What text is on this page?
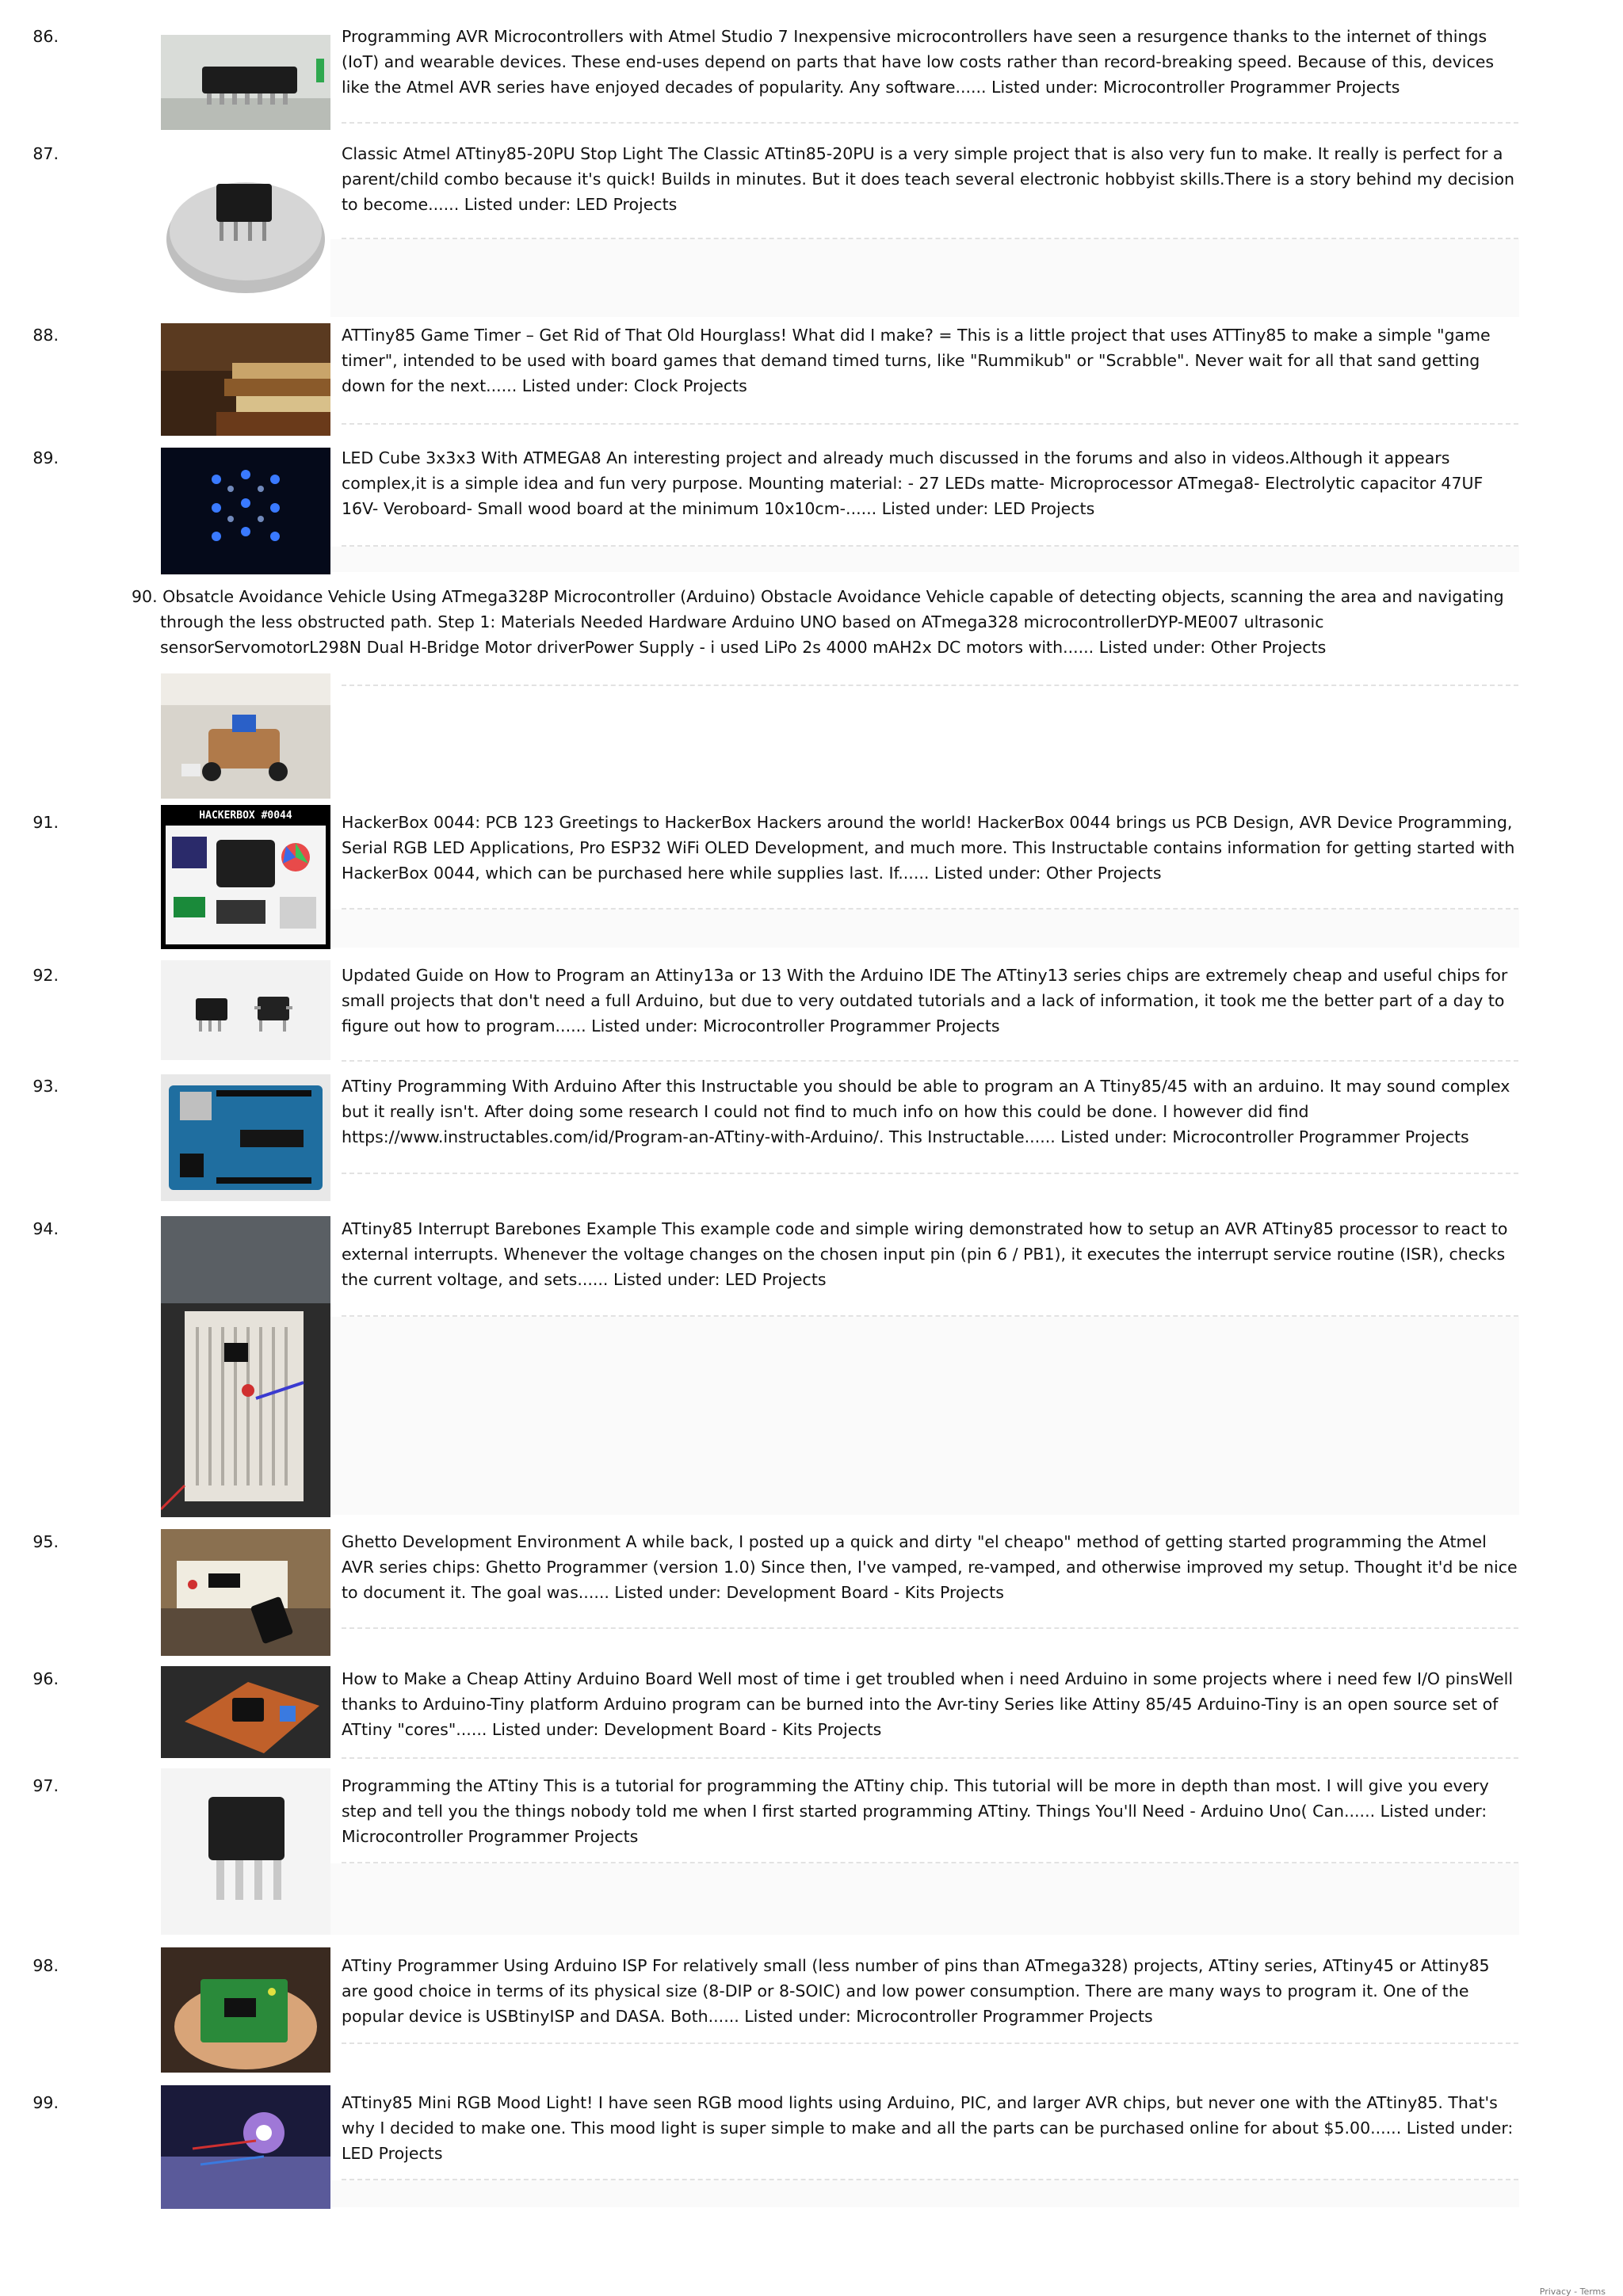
86.	Programming AVR Microcontrollers with Atmel Studio 7 Inexpensive microcontrollers have seen a resurgence thanks to the internet of things (IoT) and wearable devices. These end-uses depend on parts that have low costs rather than record-breaking speed. Because of this, devices like the Atmel AVR series have enjoyed decades of popularity. Any software...... Listed under: Microcontroller Programmer Projects
87.	Classic Atmel ATtiny85-20PU Stop Light The Classic ATtin85-20PU is a very simple project that is also very fun to make. It really is perfect for a parent/child combo because it's quick! Builds in minutes. But it does teach several electronic hobbyist skills.There is a story behind my decision to become...... Listed under: LED Projects
88.	ATTiny85 Game Timer – Get Rid of That Old Hourglass! What did I make? = This is a little project that uses ATTiny85 to make a simple "game timer", intended to be used with board games that demand timed turns, like "Rummikub" or "Scrabble". Never wait for all that sand getting down for the next...... Listed under: Clock Projects
89.	LED Cube 3x3x3 With ATMEGA8 An interesting project and already much discussed in the forums and also in videos.Although it appears complex,it is a simple idea and fun very purpose. Mounting material: - 27 LEDs matte- Microprocessor ATmega8- Electrolytic capacitor 47UF 16V- Veroboard- Small wood board at the minimum 10x10cm-...... Listed under: LED Projects
90. Obsatcle Avoidance Vehicle Using ATmega328P Microcontroller (Arduino) Obstacle Avoidance Vehicle capable of detecting objects, scanning the area and navigating through the less obstructed path. Step 1: Materials Needed Hardware Arduino UNO based on ATmega328 microcontrollerDYP-ME007 ultrasonic sensorServomotorL298N Dual H-Bridge Motor driverPower Supply - i used LiPo 2s 4000 mAH2x DC motors with...... Listed under: Other Projects
91.	HACKERBOX #0044	HackerBox 0044: PCB 123 Greetings to HackerBox Hackers around the world! HackerBox 0044 brings us PCB Design, AVR Device Programming, Serial RGB LED Applications, Pro ESP32 WiFi OLED Development, and much more. This Instructable contains information for getting started with HackerBox 0044, which can be purchased here while supplies last. If...... Listed under: Other Projects
92.	Updated Guide on How to Program an Attiny13a or 13 With the Arduino IDE The ATtiny13 series chips are extremely cheap and useful chips for small projects that don't need a full Arduino, but due to very outdated tutorials and a lack of information, it took me the better part of a day to figure out how to program...... Listed under: Microcontroller Programmer Projects
93.	ATtiny Programming With Arduino After this Instructable you should be able to program an A Ttiny85/45 with an arduino. It may sound complex but it really isn't. After doing some research I could not find to much info on how this could be done. I however did find https://www.instructables.com/id/Program-an-ATtiny-with-Arduino/. This Instructable...... Listed under: Microcontroller Programmer Projects
94.	ATtiny85 Interrupt Barebones Example This example code and simple wiring demonstrated how to setup an AVR ATtiny85 processor to react to external interrupts. Whenever the voltage changes on the chosen input pin (pin 6 / PB1), it executes the interrupt service routine (ISR), checks the current voltage, and sets...... Listed under: LED Projects
95.	Ghetto Development Environment A while back, I posted up a quick and dirty "el cheapo" method of getting started programming the Atmel AVR series chips: Ghetto Programmer (version 1.0) Since then, I've vamped, re-vamped, and otherwise improved my setup. Thought it'd be nice to document it. The goal was...... Listed under: Development Board - Kits Projects
96.	How to Make a Cheap Attiny Arduino Board Well most of time i get troubled when i need Arduino in some projects where i need few I/O pinsWell thanks to Arduino-Tiny platform Arduino program can be burned into the Avr-tiny Series like Attiny 85/45 Arduino-Tiny is an open source set of ATtiny "cores"...... Listed under: Development Board - Kits Projects
97.	Programming the ATtiny This is a tutorial for programming the ATtiny chip. This tutorial will be more in depth than most. I will give you every step and tell you the things nobody told me when I first started programming ATtiny. Things You'll Need - Arduino Uno( Can...... Listed under: Microcontroller Programmer Projects
98.	ATtiny Programmer Using Arduino ISP For relatively small (less number of pins than ATmega328) projects, ATtiny series, ATtiny45 or Attiny85 are good choice in terms of its physical size (8-DIP or 8-SOIC) and low power consumption. There are many ways to program it. One of the popular device is USBtinyISP and DASA. Both...... Listed under: Microcontroller Programmer Projects
99.	ATtiny85 Mini RGB Mood Light! I have seen RGB mood lights using Arduino, PIC, and larger AVR chips, but never one with the ATtiny85. That's why I decided to make one. This mood light is super simple to make and all the parts can be purchased online for about $5.00...... Listed under: LED Projects
Privacy - Terms
